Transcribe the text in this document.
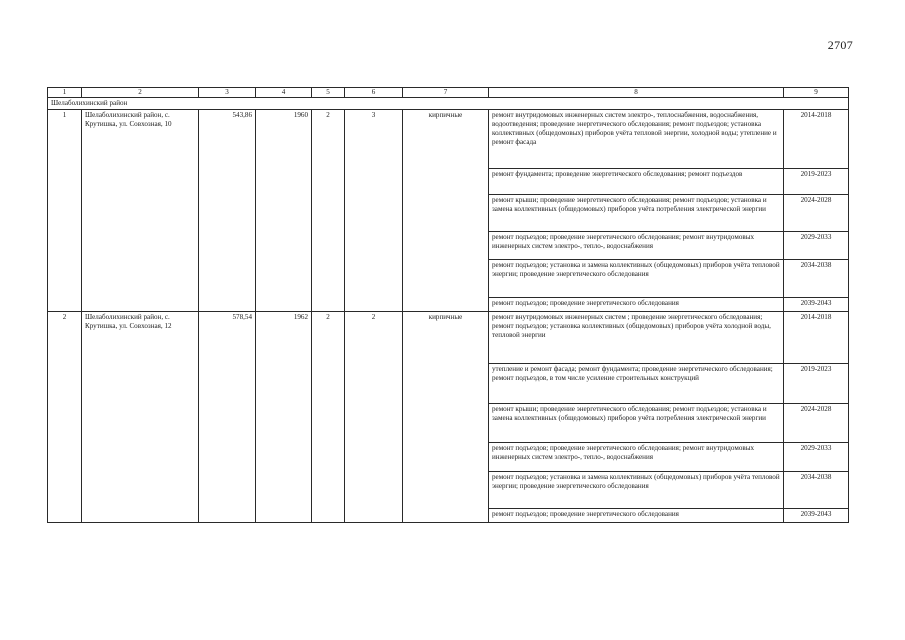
2707
1	2	3	4	5	6	7	8	9
Шелаболихинский район								
1	Шелаболихинский район, с. Крутишка, ул. Совхозная, 10	543,86	1960	2	3	кирпичные	ремонт внутридомовых инженерных систем электро-, теплоснабжения, водоснабжения, водоотведения; проведение энергетического обследования; ремонт подъездов; установка коллективных (общедомовых) приборов учёта тепловой энергии, холодной воды; утепление и ремонт фасада	2014-2018
							ремонт фундамента; проведение энергетического обследования; ремонт подъездов	2019-2023
							ремонт крыши; проведение энергетического обследования; ремонт подъездов; установка и замена коллективных (общедомовых) приборов учёта потребления электрической энергии	2024-2028
							ремонт подъездов; проведение энергетического обследования; ремонт внутридомовых инженерных систем электро-, тепло-, водоснабжения	2029-2033
							ремонт подъездов; установка и замена коллективных (общедомовых) приборов учёта тепловой энергии; проведение энергетического обследования	2034-2038
							ремонт подъездов; проведение энергетического обследования	2039-2043
2	Шелаболихинский район, с. Крутишка, ул. Совхозная, 12	578,54	1962	2	2	кирпичные	ремонт внутридомовых инженерных систем ; проведение энергетического обследования; ремонт подъездов; установка коллективных (общедомовых) приборов учёта холодной воды, тепловой энергии	2014-2018
							утепление и ремонт фасада; ремонт фундамента; проведение энергетического обследования; ремонт подъездов, в том числе усиление строительных конструкций	2019-2023
							ремонт крыши; проведение энергетического обследования; ремонт подъездов; установка и замена коллективных (общедомовых) приборов учёта потребления электрической энергии	2024-2028
							ремонт подъездов; проведение энергетического обследования; ремонт внутридомовых инженерных систем электро-, тепло-, водоснабжения	2029-2033
							ремонт подъездов; установка и замена коллективных (общедомовых) приборов учёта тепловой энергии; проведение энергетического обследования	2034-2038
							ремонт подъездов; проведение энергетического обследования	2039-2043
